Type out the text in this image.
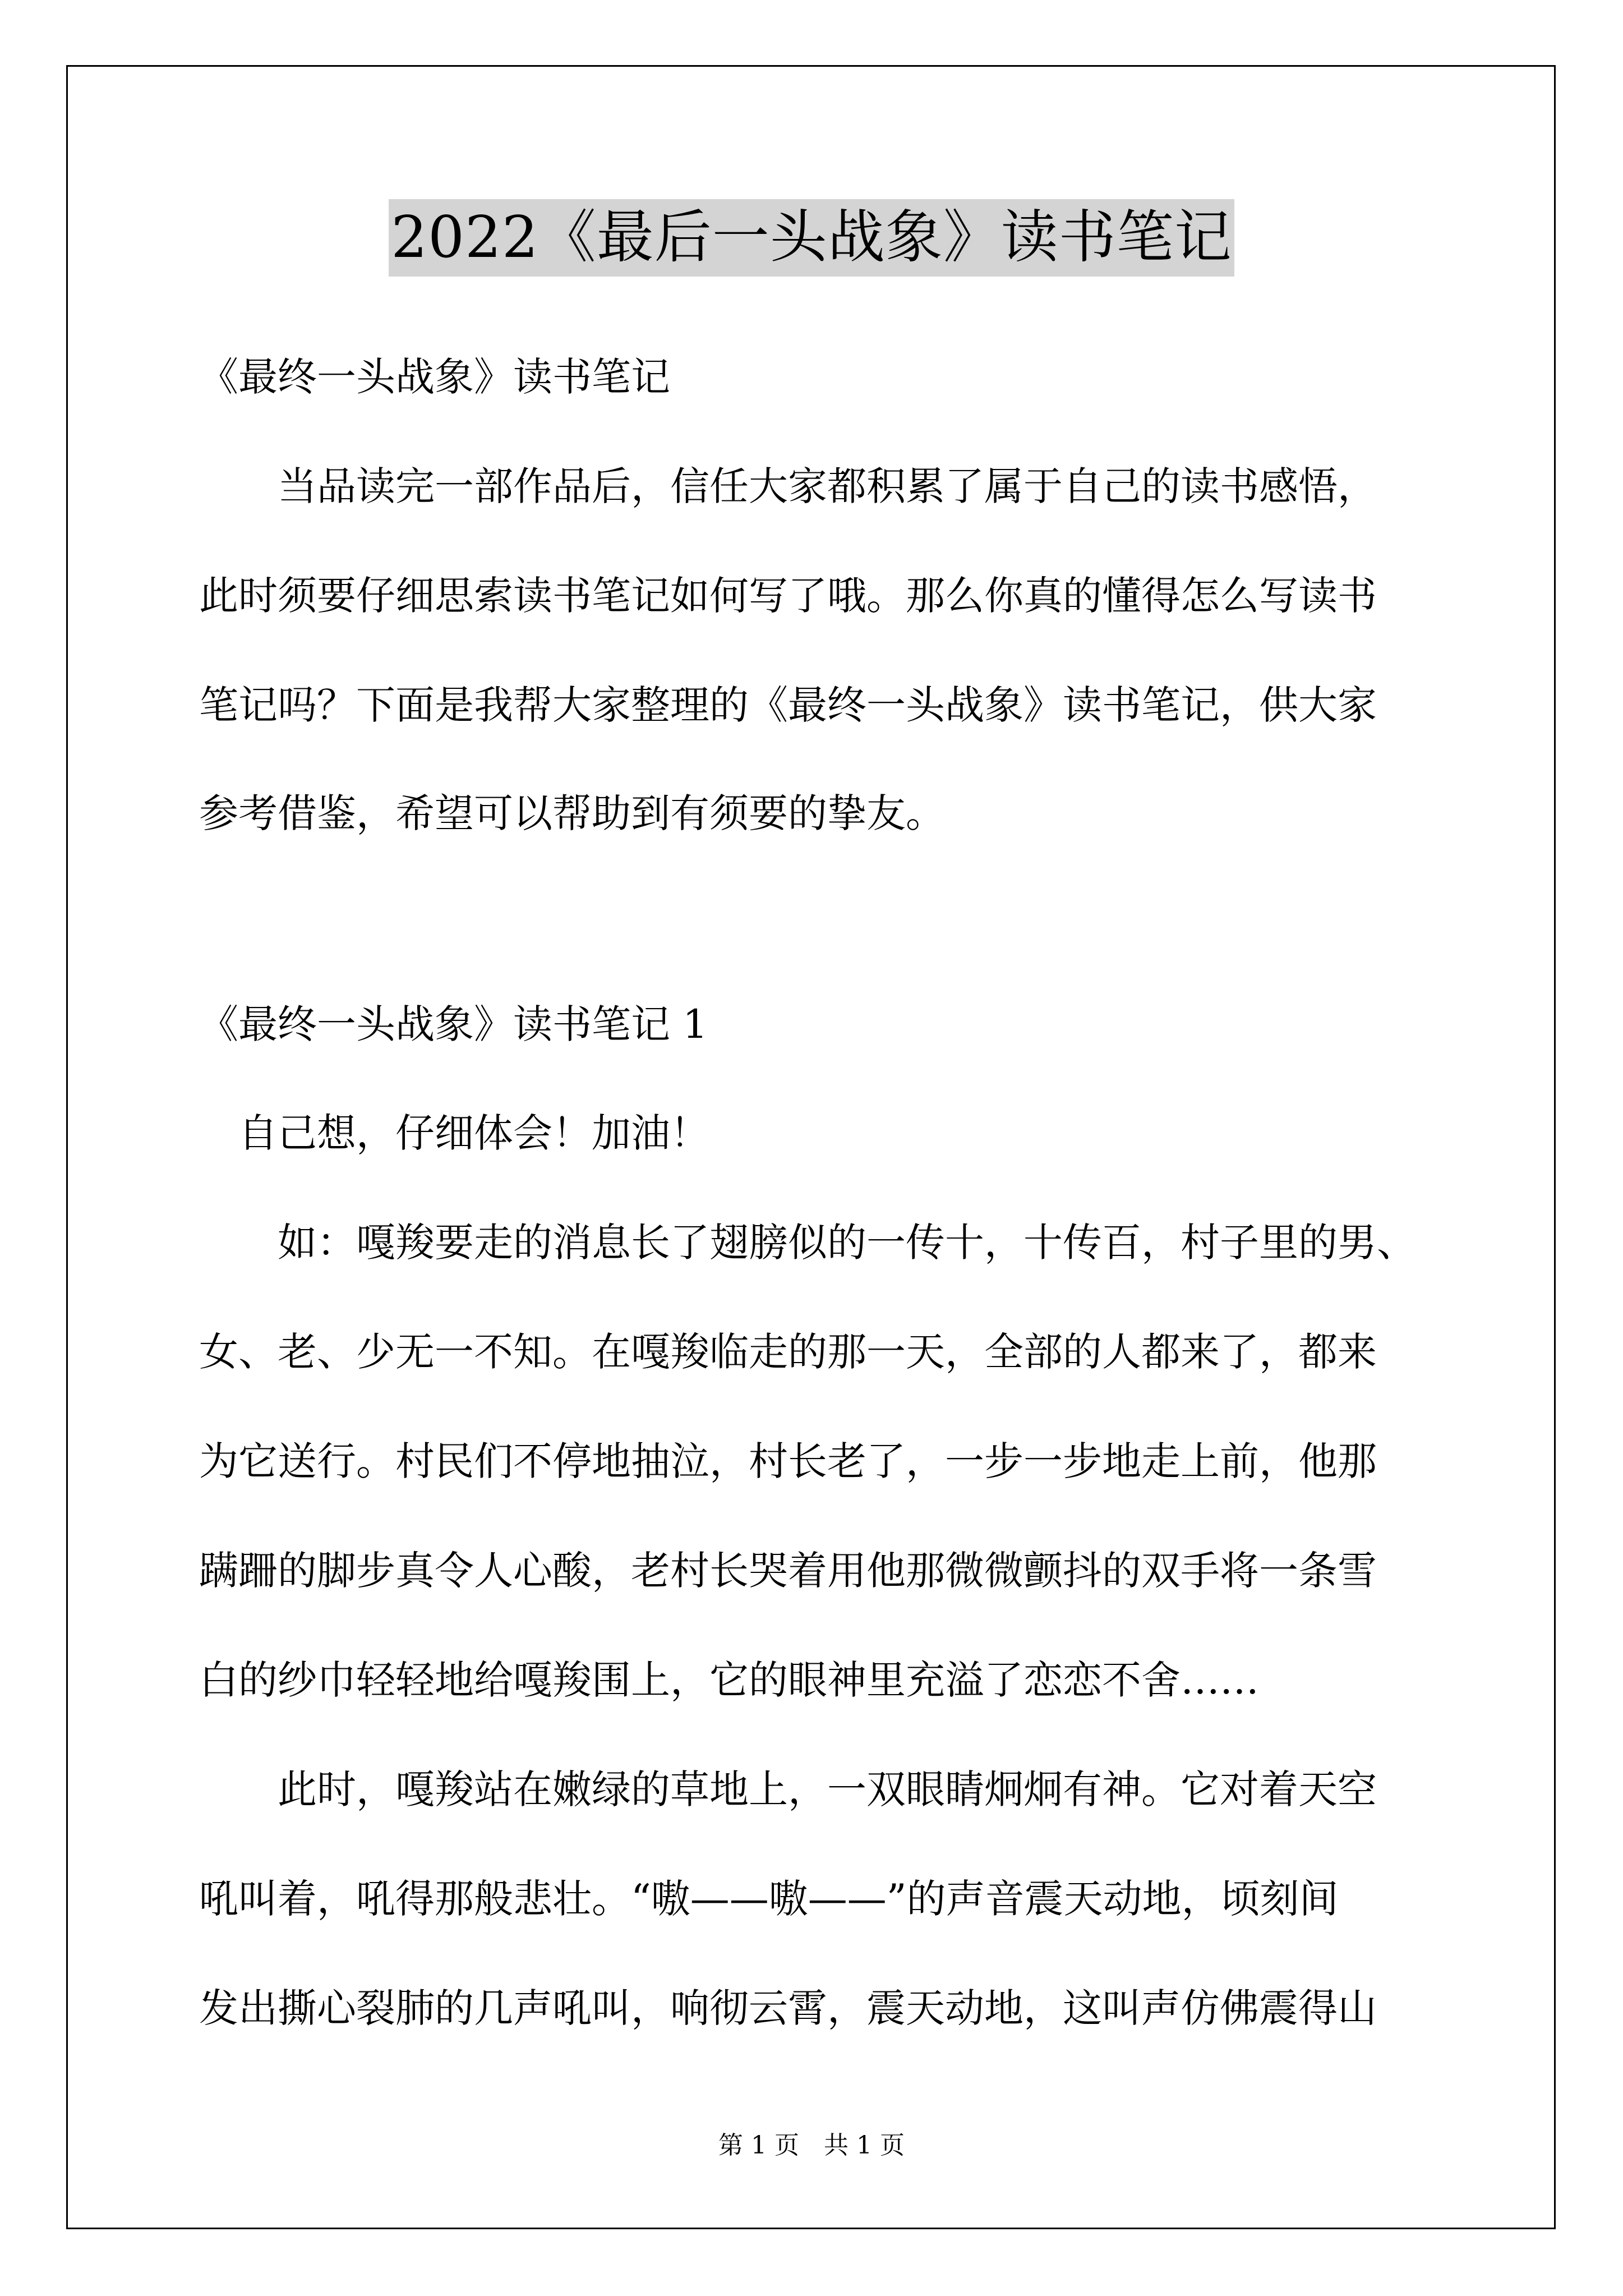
2022《最后一头战象》读书笔记
《最终一头战象》读书笔记
　　当品读完一部作品后，信任大家都积累了属于自己的读书感悟，
此时须要仔细思索读书笔记如何写了哦。那么你真的懂得怎么写读书
笔记吗？下面是我帮大家整理的《最终一头战象》读书笔记，供大家
参考借鉴，希望可以帮助到有须要的挚友。
《最终一头战象》读书笔记 1
　自己想，仔细体会！加油！
　　如：嘎羧要走的消息长了翅膀似的一传十，十传百，村子里的男、
女、老、少无一不知。在嘎羧临走的那一天，全部的人都来了，都来
为它送行。村民们不停地抽泣，村长老了，一步一步地走上前，他那
蹒跚的脚步真令人心酸，老村长哭着用他那微微颤抖的双手将一条雪
白的纱巾轻轻地给嘎羧围上，它的眼神里充溢了恋恋不舍……
　　此时，嘎羧站在嫩绿的草地上，一双眼睛炯炯有神。它对着天空
吼叫着，吼得那般悲壮。“嗷——嗷——”的声音震天动地，顷刻间
发出撕心裂肺的几声吼叫，响彻云霄，震天动地，这叫声仿佛震得山
第 1 页　共 1 页
